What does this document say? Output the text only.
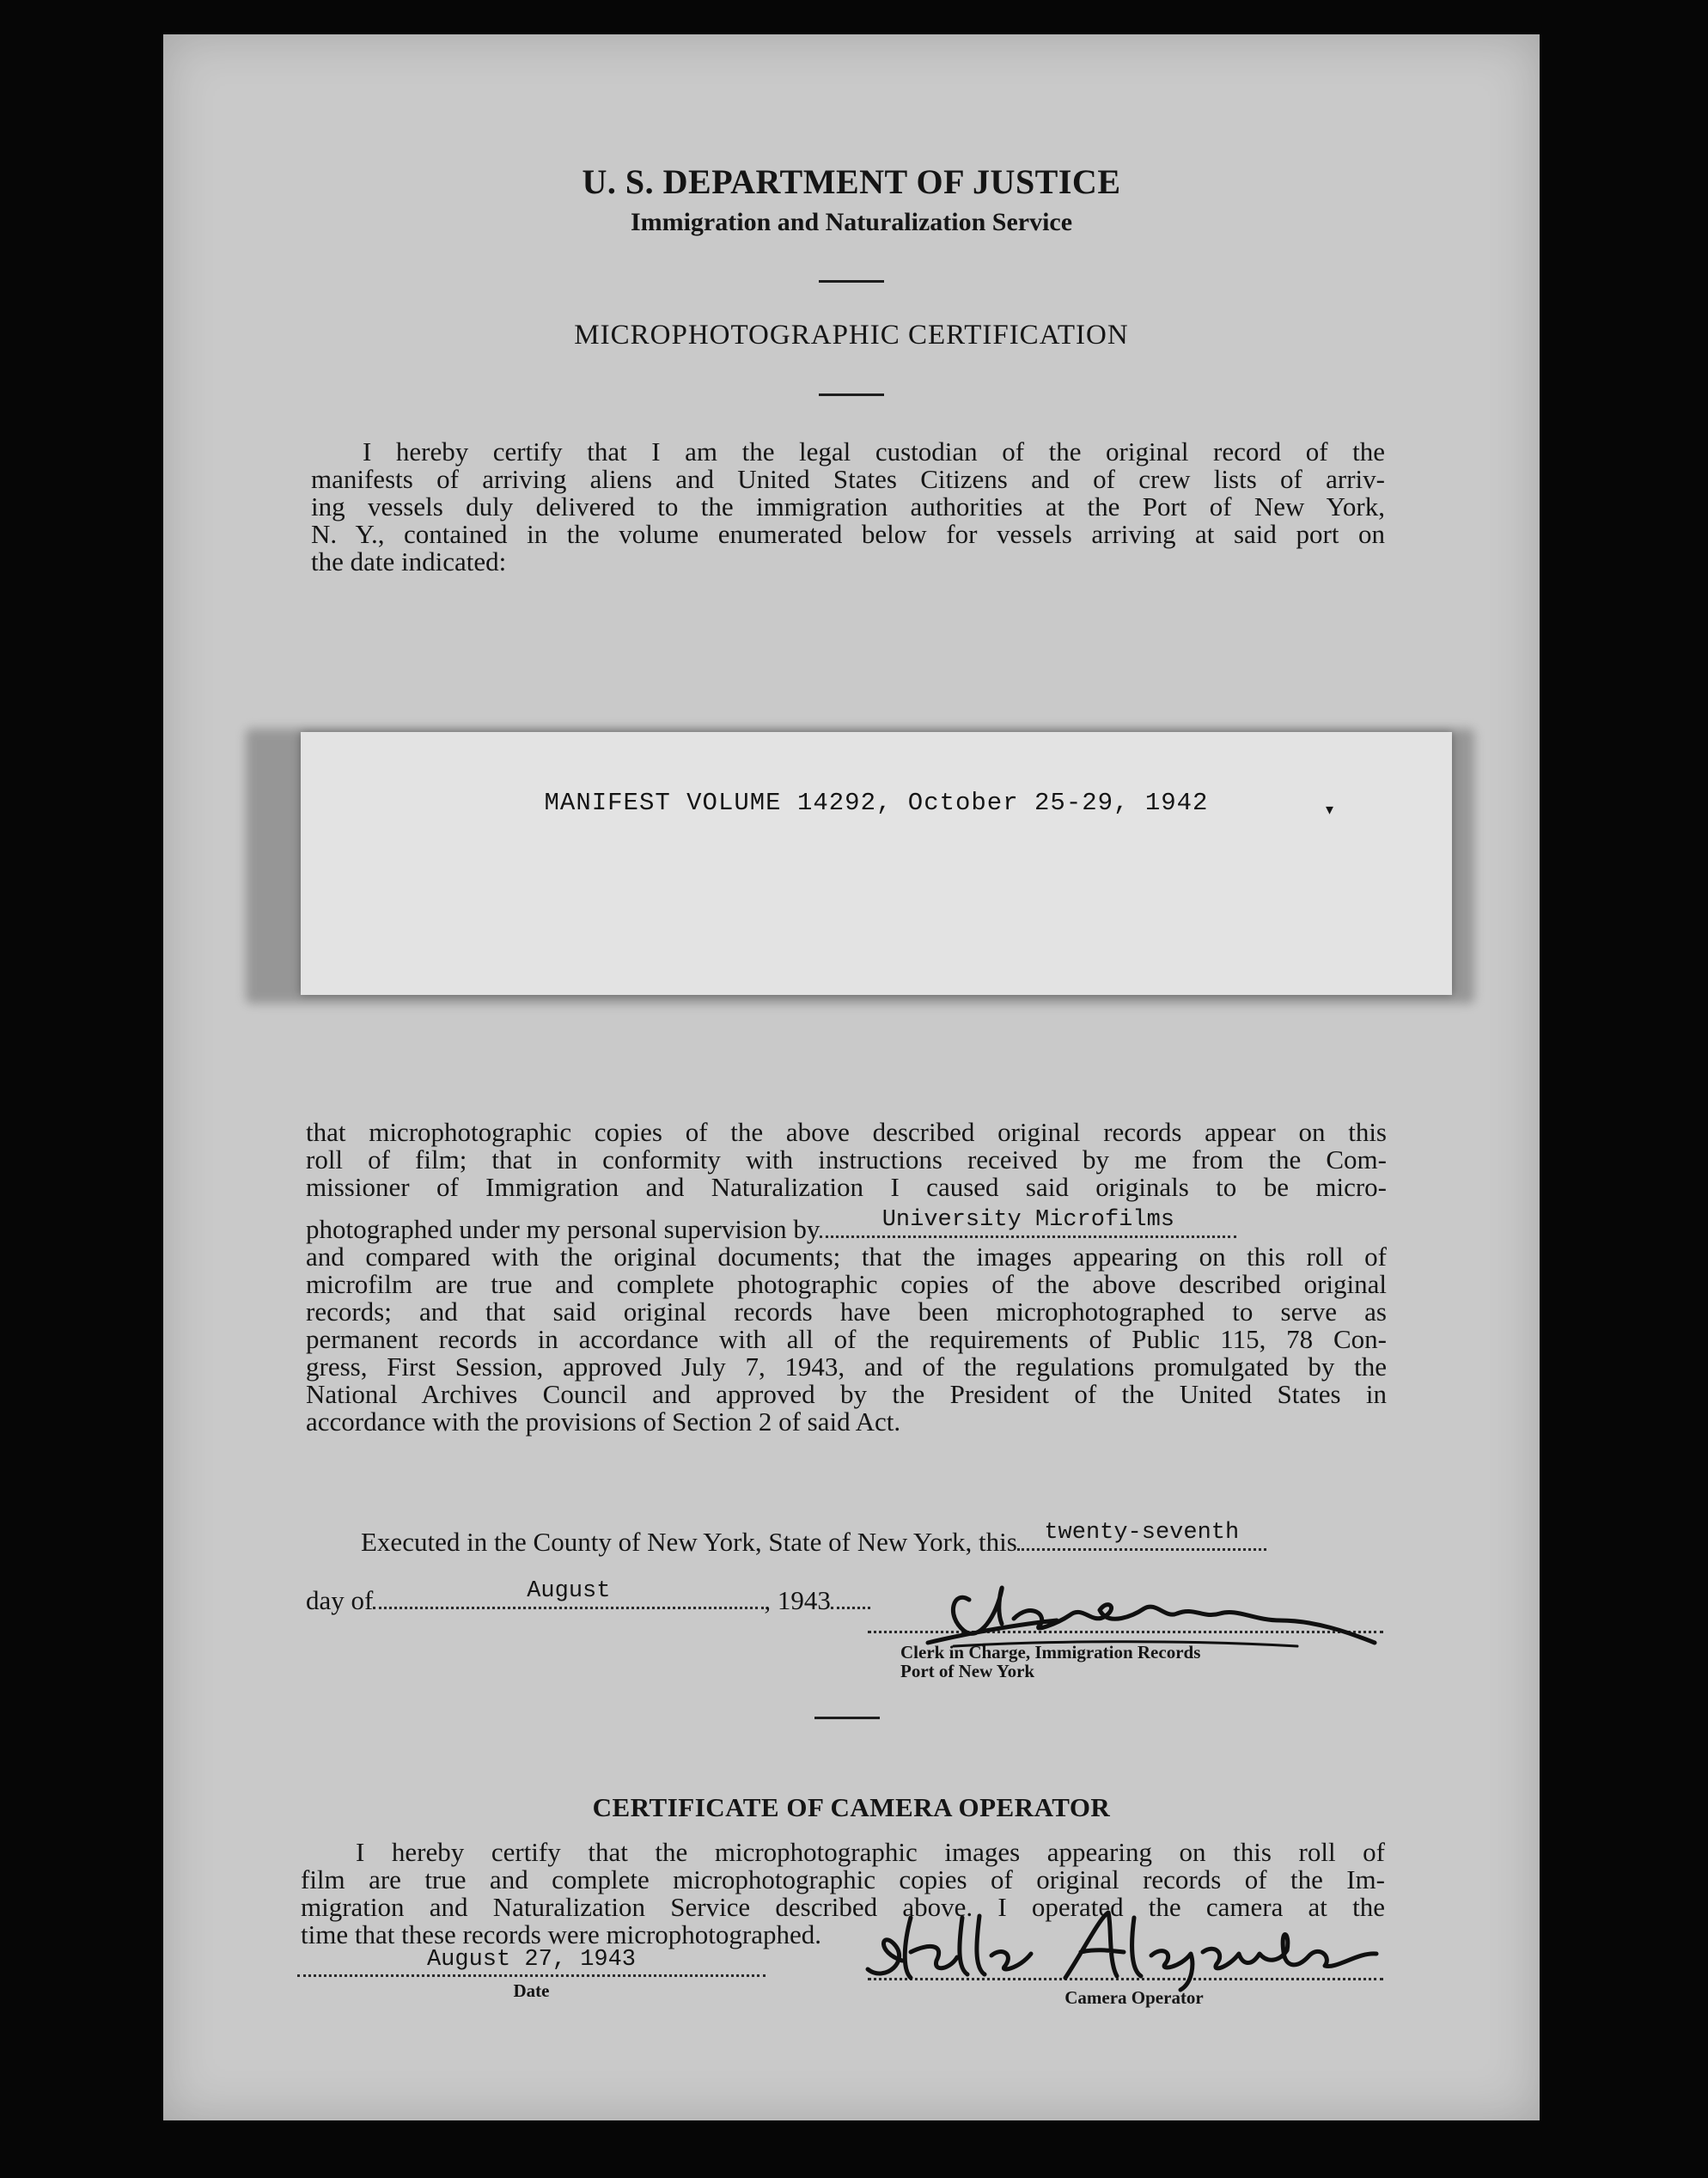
U. S. DEPARTMENT OF JUSTICE
Immigration and Naturalization Service
MICROPHOTOGRAPHIC CERTIFICATION
I hereby certify that I am the legal custodian of the original record of the
manifests of arriving aliens and United States Citizens and of crew lists of arriv-
ing vessels duly delivered to the immigration authorities at the Port of New York,
N. Y., contained in the volume enumerated below for vessels arriving at said port on
the date indicated:
MANIFEST VOLUME 14292, October 25-29, 1942	▾
that microphotographic copies of the above described original records appear on this
roll of film; that in conformity with instructions received by me from the Com-
missioner of Immigration and Naturalization I caused said originals to be micro-
photographed under my personal supervision by	University Microfilms
and compared with the original documents; that the images appearing on this roll of
microfilm are true and complete photographic copies of the above described original
records; and that said original records have been microphotographed to serve as
permanent records in accordance with all of the requirements of Public 115, 78 Con-
gress, First Session, approved July 7, 1943, and of the regulations promulgated by the
National Archives Council and approved by the President of the United States in
accordance with the provisions of Section 2 of said Act.
Executed in the County of New York, State of New York, this	twenty-seventh
day of	August	, 1943
Clerk in Charge, Immigration Records
Port of New York
CERTIFICATE OF CAMERA OPERATOR
I hereby certify that the microphotographic images appearing on this roll of
film are true and complete microphotographic copies of original records of the Im-
migration and Naturalization Service described above. I operated the camera at the
time that these records were microphotographed.
August 27, 1943
Date	Camera Operator
